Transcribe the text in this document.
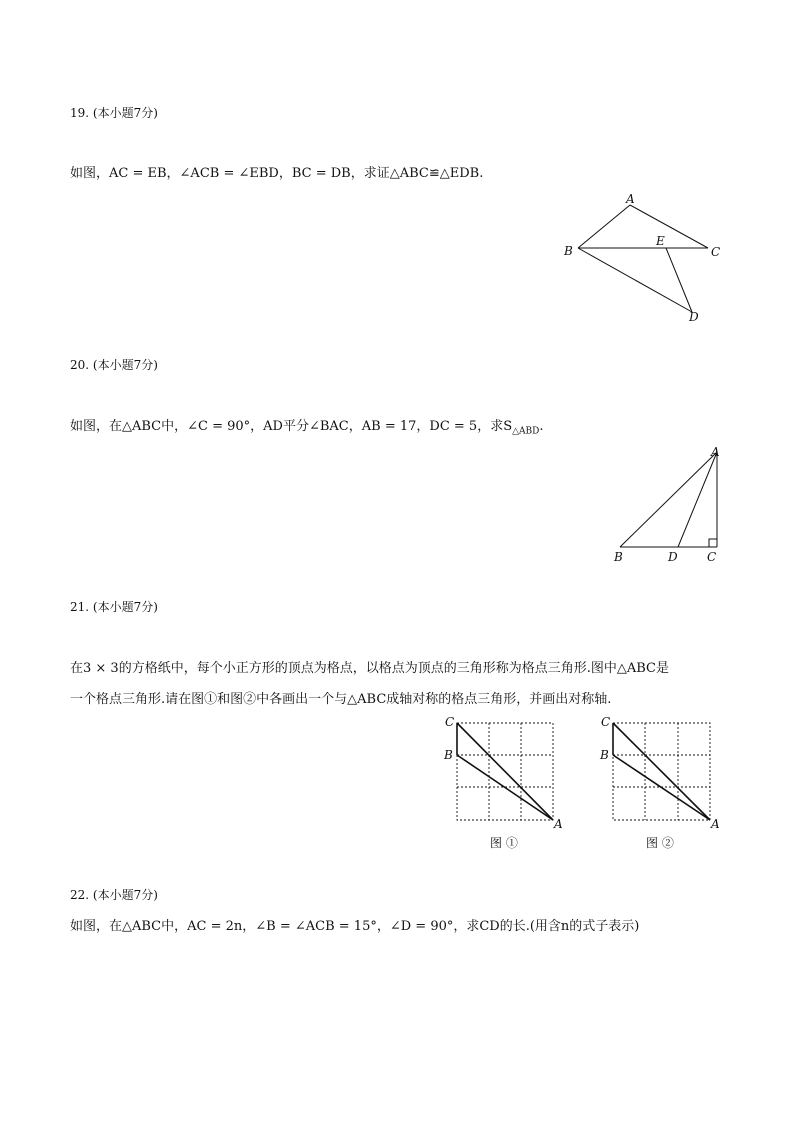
19. (本小题7分)
如图，AC = EB，∠ACB = ∠EBD，BC = DB，求证△ABC≌△EDB.
A
B	C
E
D
20. (本小题7分)
如图，在△ABC中，∠C = 90°，AD平分∠BAC，AB = 17，DC = 5，求$S_{\triangle ABD}$.
A
B	D C
21. (本小题7分)
在3 × 3的方格纸中，每个小正方形的顶点为格点，以格点为顶点的三角形称为格点三角形.图中△ABC是
一个格点三角形.请在图①和图②中各画出一个与△ABC成轴对称的格点三角形，并画出对称轴.
C
B
A
图 ①
C
B
A
图 ②
22. (本小题7分)
如图，在△ABC中，AC = 2n，∠B = ∠ACB = 15°，∠D = 90°，求CD的长.(用含n的式子表示)
